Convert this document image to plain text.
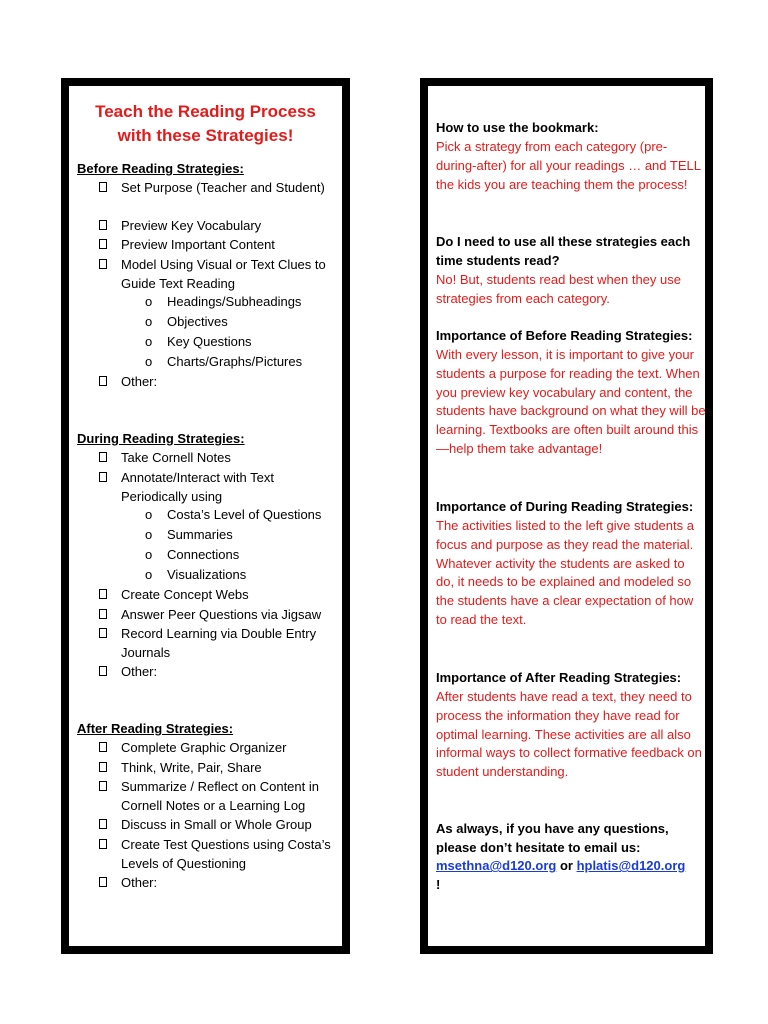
Teach the Reading Process
with these Strategies!
Before Reading Strategies:
Set Purpose (Teacher and Student)
Preview Key Vocabulary
Preview Important Content
Model Using Visual or Text Clues to Guide Text Reading
o Headings/Subheadings
o Objectives
o Key Questions
o Charts/Graphs/Pictures
Other:
During Reading Strategies:
Take Cornell Notes
Annotate/Interact with Text Periodically using
o Costa’s Level of Questions
o Summaries
o Connections
o Visualizations
Create Concept Webs
Answer Peer Questions via Jigsaw
Record Learning via Double Entry Journals
Other:
After Reading Strategies:
Complete Graphic Organizer
Think, Write, Pair, Share
Summarize / Reflect on Content in Cornell Notes or a Learning Log
Discuss in Small or Whole Group
Create Test Questions using Costa’s Levels of Questioning
Other:
How to use the bookmark:
Pick a strategy from each category (pre-during-after) for all your readings … and TELL the kids you are teaching them the process!
Do I need to use all these strategies each time students read?
No! But, students read best when they use strategies from each category.
Importance of Before Reading Strategies:
With every lesson, it is important to give your students a purpose for reading the text. When you preview key vocabulary and content, the students have background on what they will be learning. Textbooks are often built around this—help them take advantage!
Importance of During Reading Strategies:
The activities listed to the left give students a focus and purpose as they read the material. Whatever activity the students are asked to do, it needs to be explained and modeled so the students have a clear expectation of how to read the text.
Importance of After Reading Strategies:
After students have read a text, they need to process the information they have read for optimal learning. These activities are all also informal ways to collect formative feedback on student understanding.
As always, if you have any questions, please don’t hesitate to email us:
msethna@d120.org or hplatis@d120.org
!
